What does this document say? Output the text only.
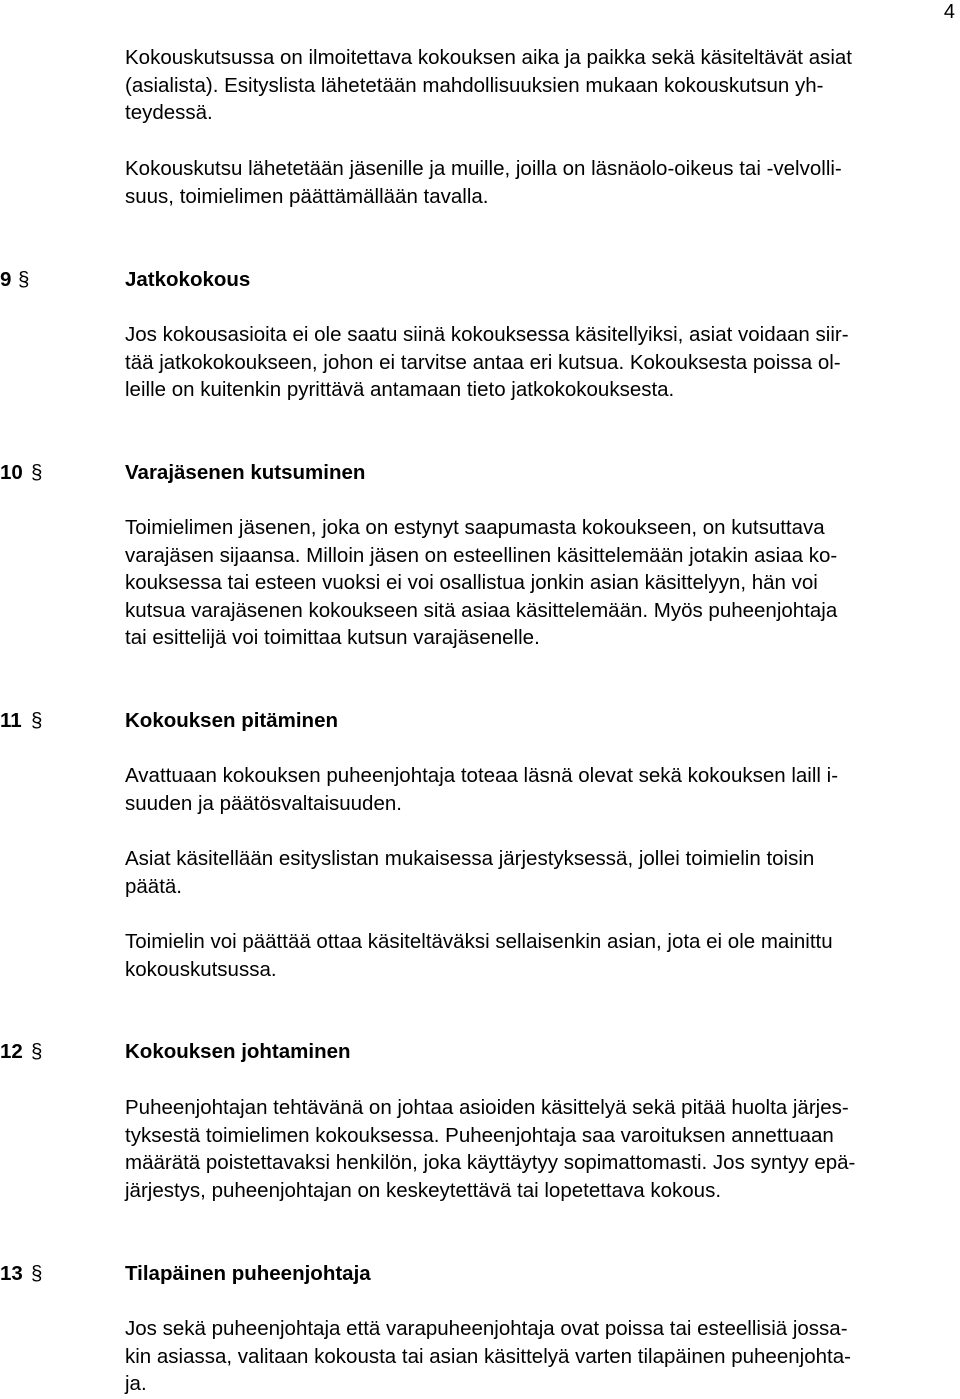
4

Kokouskutsussa on ilmoitettava kokouksen aika ja paikka sekä käsiteltävät asiat
(asialista). Esityslista lähetetään mahdollisuuksien mukaan kokouskutsun yh-
teydessä.

Kokouskutsu lähetetään jäsenille ja muille, joilla on läsnäolo-oikeus tai -velvolli-
suus, toimielimen päättämällään tavalla.

9 §	Jatkokokous

Jos kokousasioita ei ole saatu siinä kokouksessa käsitellyiksi, asiat voidaan siir-
tää jatkokokoukseen, johon ei tarvitse antaa eri kutsua. Kokouksesta poissa ol-
leille on kuitenkin pyrittävä antamaan tieto jatkokokouksesta.

10 §	Varajäsenen kutsuminen

Toimielimen jäsenen, joka on estynyt saapumasta kokoukseen, on kutsuttava
varajäsen sijaansa. Milloin jäsen on esteellinen käsittelemään jotakin asiaa ko-
kouksessa tai esteen vuoksi ei voi osallistua jonkin asian käsittelyyn, hän voi
kutsua varajäsenen kokoukseen sitä asiaa käsittelemään. Myös puheenjohtaja
tai esittelijä voi toimittaa kutsun varajäsenelle.

11 §	Kokouksen pitäminen

Avattuaan kokouksen puheenjohtaja toteaa läsnä olevat sekä kokouksen laill i-
suuden ja päätösvaltaisuuden.

Asiat käsitellään esityslistan mukaisessa järjestyksessä, jollei toimielin toisin
päätä.

Toimielin voi päättää ottaa käsiteltäväksi sellaisenkin asian, jota ei ole mainittu
kokouskutsussa.

12 §	Kokouksen johtaminen

Puheenjohtajan tehtävänä on johtaa asioiden käsittelyä sekä pitää huolta järjes-
tyksestä toimielimen kokouksessa. Puheenjohtaja saa varoituksen annettuaan
määrätä poistettavaksi henkilön, joka käyttäytyy sopimattomasti. Jos syntyy epä-
järjestys, puheenjohtajan on keskeytettävä tai lopetettava kokous.

13 §	Tilapäinen puheenjohtaja

Jos sekä puheenjohtaja että varapuheenjohtaja ovat poissa tai esteellisiä jossa-
kin asiassa, valitaan kokousta tai asian käsittelyä varten tilapäinen puheenjohta-
ja.
